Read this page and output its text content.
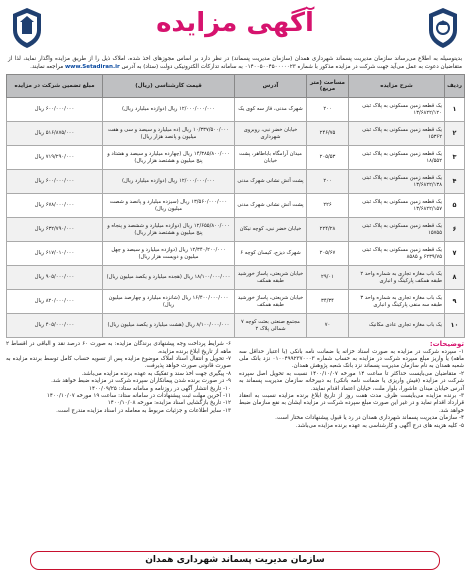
آگهی مزایده
بدینوسیله به اطلاع می‌رساند سازمان مدیریت پسماند شهرداری همدان (سازمان مدیریت پسماند) در نظر دارد بر اساس مجوزهای اخذ شده، املاک ذیل را از طریق مزایده واگذار نماید، لذا از متقاضیان دعوت به عمل می‌آید جهت شرکت در مزایده مذکور با شماره ۰۱۴۰۰۵۰۰۴۵۰۰۰۰۰۲۳ به سامانه تدارکات الکترونیکی دولت (ستاد) به آدرس www.Setadiran.ir مراجعه نمایند.
ردیف	شرح مزایده	مساحت (متر مربع)	آدرس	قیمت کارشناسی (ریال)	مبلغ تضمین شرکت در مزایده
۱	یک قطعه زمین مسکونی به پلاک ثبتی ۱۳/۶۸۲۲/۱۲۰	۲۰۰	شهرک مدنی، فاز سه کوی یک	۱۲/۰۰۰/۰۰۰/۰۰۰ ریال (دوازده میلیارد ریال)	۶۰۰/۰۰۰/۰۰۰ ریال
۲	یک قطعه زمین مسکونی به پلاک ثبتی ۱۵۳۶۲	۲۴۶/۷۵	خیابان خضر نبی، روبروی شهرداری	۱۰/۳۳۷/۵۰۰/۰۰۰ ریال (ده میلیارد و سیصد و سی و هفت میلیون و پانصد هزار ریال)	۵۱۶/۸۷۵/۰۰۰ ریال
۳	یک قطعه زمین مسکونی به پلاک ثبتی ۱۸/۵۵۲	۲۰۵/۵۳	میدان آرامگاه باباطاهر، پشت خیابان	۱۴/۳۸۵/۸۰۰/۰۰۰ ریال (چهارده میلیارد و سیصد و هشتاد و پنج میلیون و هشتصد هزار ریال)	۷۱۹/۲۹۰/۰۰۰ ریال
۴	یک قطعه زمین مسکونی به پلاک ثبتی ۱۳/۶۸۲۲/۱۳۸	۲۰۰	پشت آتش نشانی شهرک مدنی	۱۲/۰۰۰/۰۰۰/۰۰۰ ریال (دوازده میلیارد ریال)	۶۰۰/۰۰۰/۰۰۰ ریال
۵	یک قطعه زمین مسکونی به پلاک ثبتی ۱۳/۶۸۲۲/۱۵۷	۲۲۶	پشت آتش نشانی شهرک مدنی	۱۳/۵۶۰/۰۰۰/۰۰۰ ریال (سیزده میلیارد و پانصد و شصت میلیون ریال)	۶۷۸/۰۰۰/۰۰۰ ریال
۶	یک قطعه زمین مسکونی به پلاک ثبتی ۱۵۷۵۵	۲۲۴/۲۸	خیابان خضر نبی، کوچه نیکان	۱۲/۶۵۵/۸۰۰/۰۰۰ ریال (دوازده میلیارد و ششصد و پنجاه و پنج میلیون و هشتصد هزار ریال)	۶۳۲/۷۹۰/۰۰۰ ریال
۷	یک قطعه زمین مسکونی به پلاک ثبتی ۶۲۳۹/۷۵ و ۸۵۸۵	۲۰۵/۶۷	شهرک دیزج، کیسان کوچه ۶	۱۲/۳۴۰/۲۰۰/۰۰۰ ریال (دوازده میلیارد و سیصد و چهل میلیون و دویست هزار ریال)	۶۱۷/۰۱۰/۰۰۰ ریال
۸	یک باب مغازه تجاری به شماره واحد ۲ طبقه همکف پارکینگ و انباری	۲۹/۰۱	خیابان شریعتی، پاساژ خورشید طبقه همکف	۱۸/۱۰۰/۰۰۰/۰۰۰ ریال (هجده میلیارد و یکصد میلیون ریال)	۹۰۵/۰۰۰/۰۰۰ ریال
۹	یک باب مغازه تجاری به شماره واحد ۳ طبقه سه منفی پارکینگ و انباری	۳۴/۳۴	خیابان شریعتی، پاساژ خورشید طبقه همکف	۱۶/۴۰۰/۰۰۰/۰۰۰ ریال (شانزده میلیارد و چهارصد میلیون ریال)	۸۲۰/۰۰۰/۰۰۰ ریال
۱۰	یک باب مغازه تجاری عادی مکانیک	۷۰	مجتمع صنعتی بعثت کوچه ۷ شمالی پلاک ۲	۸/۱۰۰/۰۰۰/۰۰۰ ریال (هشت میلیارد و یکصد میلیون ریال)	۴۰۵/۰۰۰/۰۰۰ ریال
توضیحات:
۱- سپرده شرکت در مزایده به صورت اسناد خزانه یا ضمانت نامه بانکی (با اعتبار حداقل سه ماهه) یا واریز مبلغ سپرده شرکت در مزایده به حساب شماره ۰۱۰۰۴۹۹۲۳۷۰۰۰۳ نزد بانک ملی شعبه همدان به نام سازمان مدیریت پسماند نزد بانک شعبه پژوهش همدان.
۲- متقاضیان می‌بایست حداکثر تا ساعت ۱۴ مورخه ۱۴۰۰/۱۰/۰۷ نسبت به تحویل اصل سپرده شرکت در مزایده (فیش واریزی یا ضمانت نامه بانکی) به دبیرخانه سازمان مدیریت پسماند به آدرس خیابان میدان عاشورا، بلوار ملت، خیابان اعتماد اقدام نمایند.
۳- برنده مزایده می‌بایست ظرف مدت هفت روز از تاریخ ابلاغ برنده مزایده نسبت به انعقاد قرارداد اقدام نماید و در غیر این صورت مبلغ سپرده شرکت در مزایده ایشان به نفع سازمان ضبط خواهد شد.
۴- سازمان مدیریت پسماند شهرداری همدان در رد یا قبول پیشنهادات مختار است.
۵- کلیه هزینه های درج آگهی و کارشناسی به عهده برنده مزایده می‌باشد.
۶- شرایط پرداخت وجه پیشنهادی برندگان مزایده: به صورت ۶۰ درصد نقد و الباقی در اقساط ۲ ماهه از تاریخ ابلاغ برنده مزایده.
۷- تحویل و انتقال اسناد املاک موضوع مزایده پس از تسویه حساب کامل توسط برنده مزایده به صورت قانونی صورت خواهد پذیرفت.
۸- پیگیری جهت اخذ سند و تفکیک به عهده برنده مزایده می‌باشد.
۹- در صورت برنده شدن پیمانکاران سپرده شرکت در مزایده ضبط خواهد شد.
۱۰- تاریخ انتشار آگهی در روزنامه و سامانه ستاد: ۱۴۰۰/۰۹/۲۵
۱۱- آخرین مهلت ثبت پیشنهادات در سامانه ستاد: ساعت ۱۹ مورخه ۱۴۰۰/۱۰/۰۷
۱۲- تاریخ بازگشایی اسناد مزایده: مورخه ۱۴۰۰/۱۰/۰۸
۱۳- سایر اطلاعات و جزئیات مربوط به معامله در اسناد مزایده مندرج است.
سازمان مدیریت پسماند شهرداری همدان
